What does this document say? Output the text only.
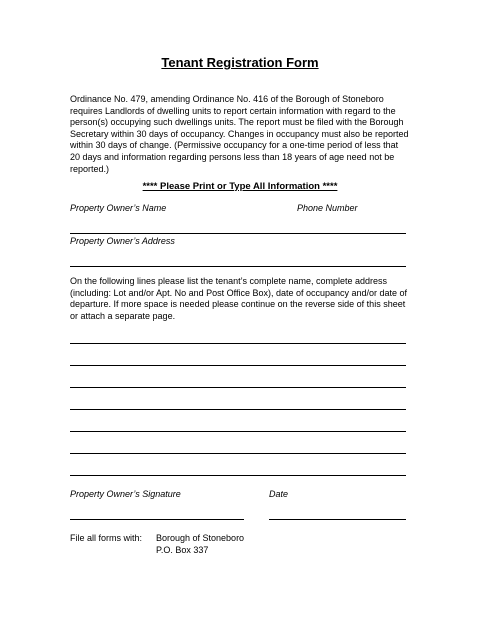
Tenant Registration Form
Ordinance No. 479, amending Ordinance No. 416 of the Borough of Stoneboro requires Landlords of dwelling units to report certain information with regard to the person(s) occupying such dwellings units. The report must be filed with the Borough Secretary within 30 days of occupancy. Changes in occupancy must also be reported within 30 days of change. (Permissive occupancy for a one-time period of less that 20 days and information regarding persons less than 18 years of age need not be reported.)
**** Please Print or Type All Information ****
Property Owner’s Name	Phone Number
Property Owner’s Address
On the following lines please list the tenant’s complete name, complete address (including: Lot and/or Apt. No and Post Office Box), date of occupancy and/or date of departure. If more space is needed please continue on the reverse side of this sheet or attach a separate page.
Property Owner’s Signature	Date
File all forms with: Borough of Stoneboro
P.O. Box 337
